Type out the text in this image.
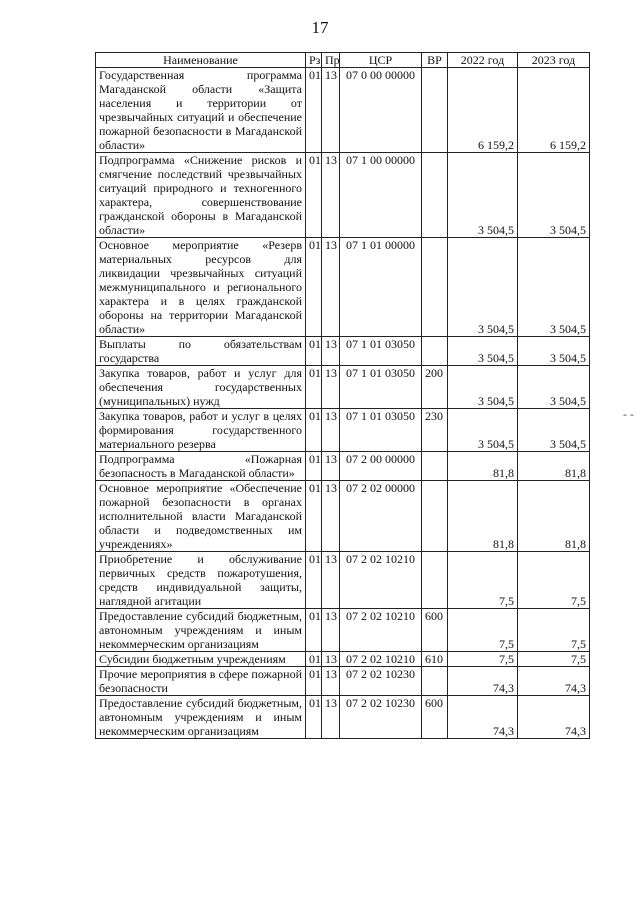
17
Наименование	Рз	Пр	ЦСР	ВР	2022 год	2023 год
Государственная программа Магаданской области «Защита населения и территории от чрезвычайных ситуаций и обеспечение пожарной безопасности в Магаданской области»	01	13	07 0 00 00000		6 159,2	6 159,2
Подпрограмма «Снижение рисков и смягчение последствий чрезвычайных ситуаций природного и техногенного характера, совершенствование гражданской обороны в Магаданской области»	01	13	07 1 00 00000		3 504,5	3 504,5
Основное мероприятие «Резерв материальных ресурсов для ликвидации чрезвычайных ситуаций межмуниципального и регионального характера и в целях гражданской обороны на территории Магаданской области»	01	13	07 1 01 00000		3 504,5	3 504,5
Выплаты по обязательствам государства	01	13	07 1 01 03050		3 504,5	3 504,5
Закупка товаров, работ и услуг для обеспечения государственных (муниципальных) нужд	01	13	07 1 01 03050	200	3 504,5	3 504,5
Закупка товаров, работ и услуг в целях формирования государственного материального резерва	01	13	07 1 01 03050	230	3 504,5	3 504,5
Подпрограмма «Пожарная безопасность в Магаданской области»	01	13	07 2 00 00000		81,8	81,8
Основное мероприятие «Обеспечение пожарной безопасности в органах исполнительной власти Магаданской области и подведомственных им учреждениях»	01	13	07 2 02 00000		81,8	81,8
Приобретение и обслуживание первичных средств пожаротушения, средств индивидуальной защиты, наглядной агитации	01	13	07 2 02 10210		7,5	7,5
Предоставление субсидий бюджетным, автономным учреждениям и иным некоммерческим организациям	01	13	07 2 02 10210	600	7,5	7,5
Субсидии бюджетным учреждениям	01	13	07 2 02 10210	610	7,5	7,5
Прочие мероприятия в сфере пожарной безопасности	01	13	07 2 02 10230		74,3	74,3
Предоставление субсидий бюджетным, автономным учреждениям и иным некоммерческим организациям	01	13	07 2 02 10230	600	74,3	74,3
- -
